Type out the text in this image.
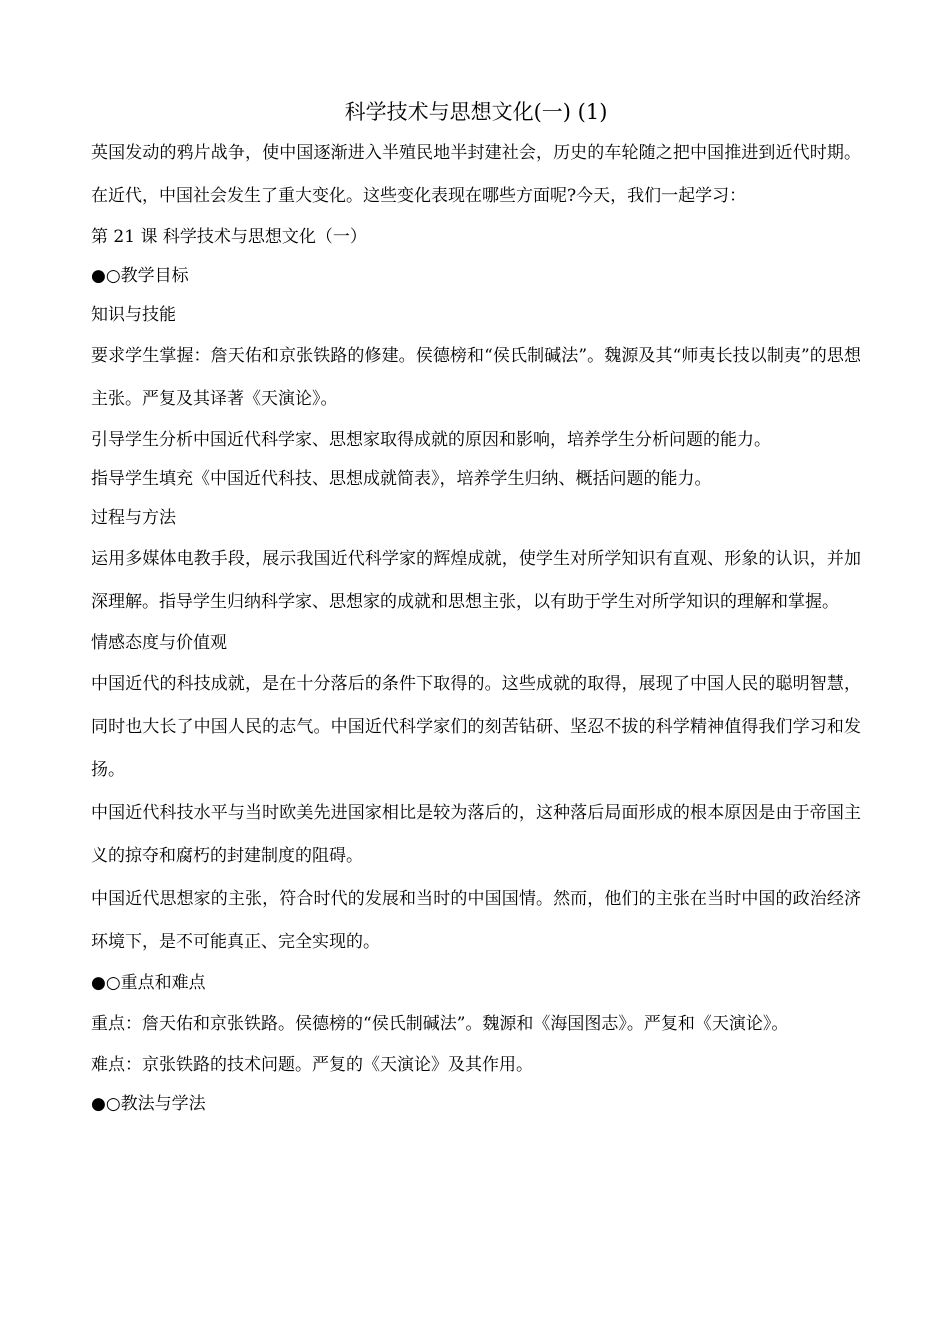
科学技术与思想文化(一) (1)

英国发动的鸦片战争，使中国逐渐进入半殖民地半封建社会，历史的车轮随之把中国推进到近代时期。在近代，中国社会发生了重大变化。这些变化表现在哪些方面呢?今天，我们一起学习：

第 21 课 科学技术与思想文化（一）

●○教学目标

知识与技能

要求学生掌握：詹天佑和京张铁路的修建。侯德榜和“侯氏制碱法”。魏源及其“师夷长技以制夷”的思想主张。严复及其译著《天演论》。

引导学生分析中国近代科学家、思想家取得成就的原因和影响，培养学生分析问题的能力。

指导学生填充《中国近代科技、思想成就简表》，培养学生归纳、概括问题的能力。

过程与方法

运用多媒体电教手段，展示我国近代科学家的辉煌成就，使学生对所学知识有直观、形象的认识，并加深理解。指导学生归纳科学家、思想家的成就和思想主张，以有助于学生对所学知识的理解和掌握。

情感态度与价值观

中国近代的科技成就，是在十分落后的条件下取得的。这些成就的取得，展现了中国人民的聪明智慧，同时也大长了中国人民的志气。中国近代科学家们的刻苦钻研、坚忍不拔的科学精神值得我们学习和发扬。

中国近代科技水平与当时欧美先进国家相比是较为落后的，这种落后局面形成的根本原因是由于帝国主义的掠夺和腐朽的封建制度的阻碍。

中国近代思想家的主张，符合时代的发展和当时的中国国情。然而，他们的主张在当时中国的政治经济环境下，是不可能真正、完全实现的。

●○重点和难点

重点：詹天佑和京张铁路。侯德榜的“侯氏制碱法”。魏源和《海国图志》。严复和《天演论》。

难点：京张铁路的技术问题。严复的《天演论》及其作用。

●○教法与学法
